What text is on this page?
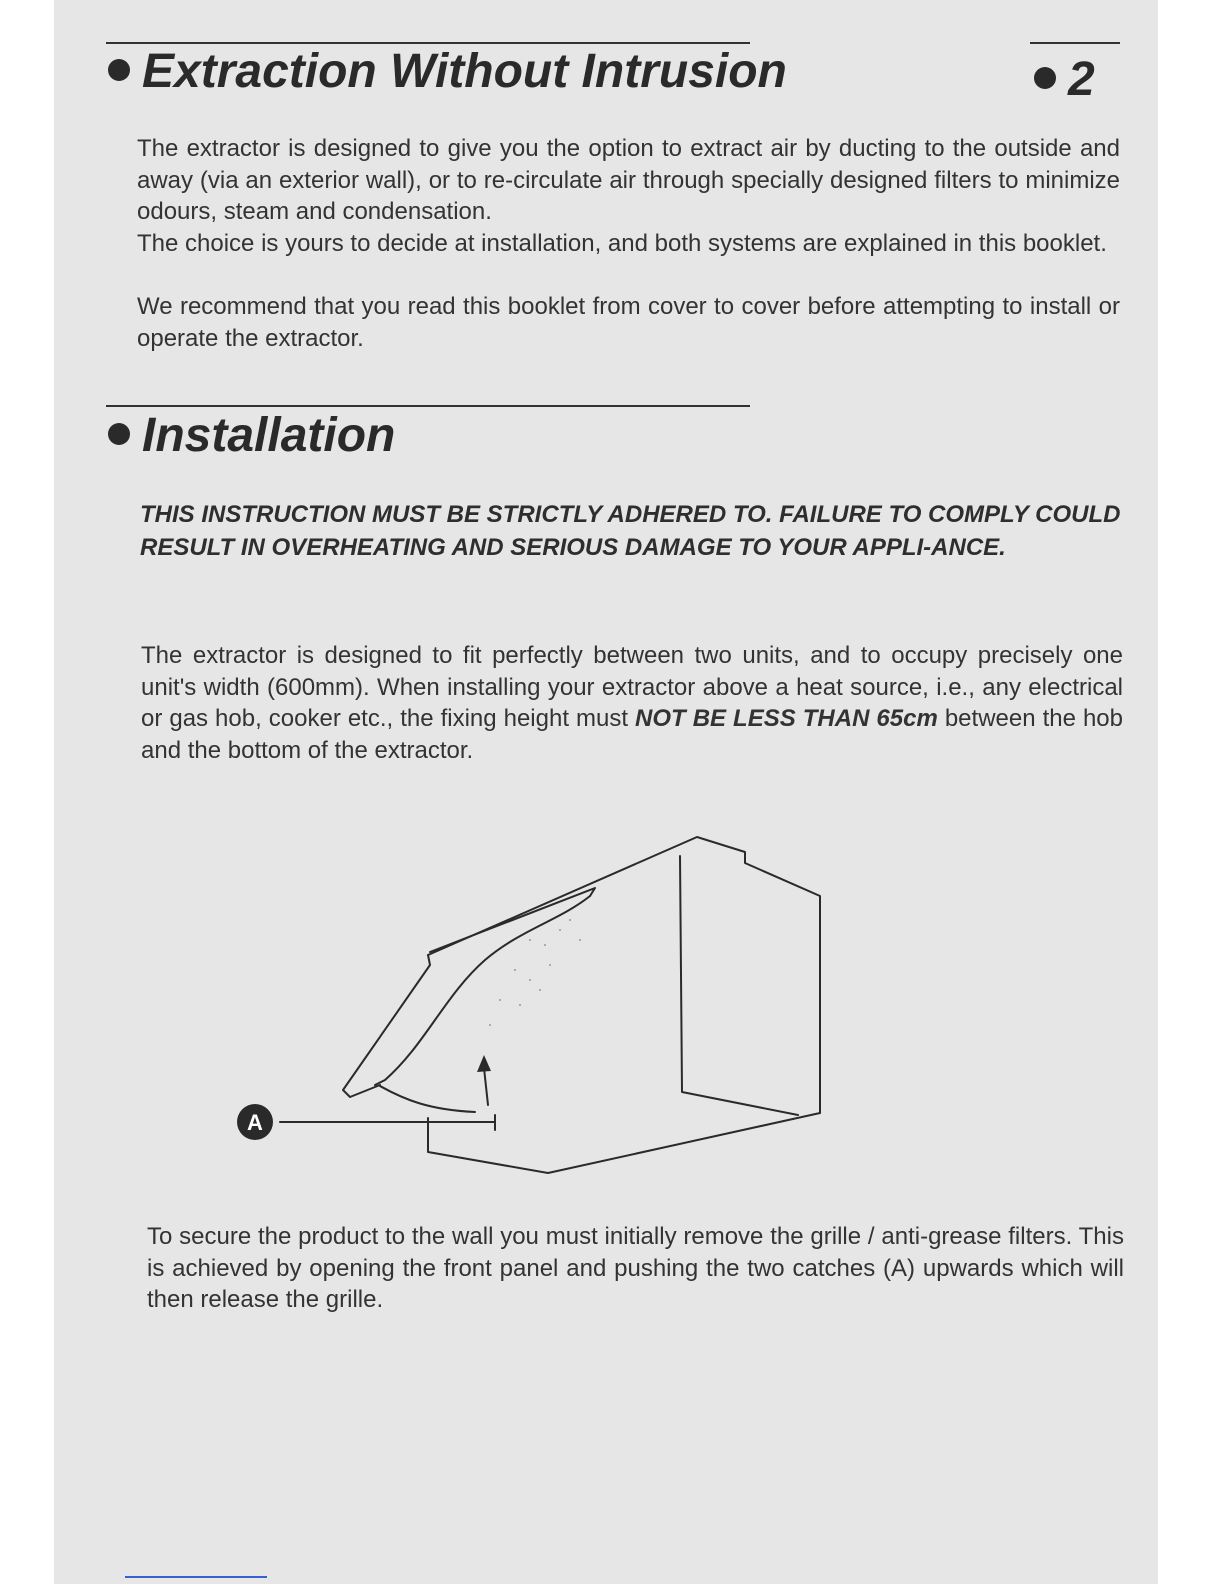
Extraction Without Intrusion	2

The extractor is designed to give you the option to extract air by ducting to the outside and away (via an exterior wall), or to re-circulate air through specially designed filters to minimize odours, steam and condensation.

The choice is yours to decide at installation, and both systems are explained in this booklet.

We recommend that you read this booklet from cover to cover before attempting to install or operate the extractor.

Installation

THIS INSTRUCTION MUST BE STRICTLY ADHERED TO. FAILURE TO COMPLY COULD RESULT IN OVERHEATING AND SERIOUS DAMAGE TO YOUR APPLI-ANCE.

The extractor is designed to fit perfectly between two units, and to occupy precisely one unit's width (600mm). When installing your extractor above a heat source, i.e., any electrical or gas hob, cooker etc., the fixing height must NOT BE LESS THAN 65cm between the hob and the bottom of the extractor.

A

To secure the product to the wall you must initially remove the grille / anti-grease filters. This is achieved by opening the front panel and pushing the two catches (A) upwards which will then release the grille.
